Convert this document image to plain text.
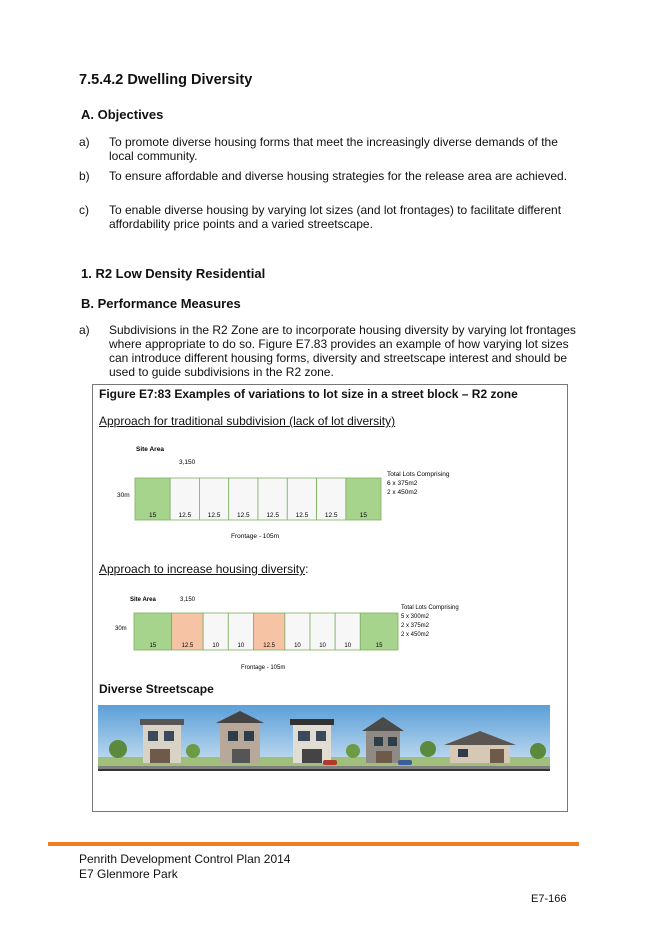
7.5.4.2 Dwelling Diversity
A. Objectives
a) To promote diverse housing forms that meet the increasingly diverse demands of the local community.
b) To ensure affordable and diverse housing strategies for the release area are achieved.
c) To enable diverse housing by varying lot sizes (and lot frontages) to facilitate different affordability price points and a varied streetscape.
1. R2 Low Density Residential
B. Performance Measures
a) Subdivisions in the R2 Zone are to incorporate housing diversity by varying lot frontages where appropriate to do so. Figure E7.83 provides an example of how varying lot sizes can introduce different housing forms, diversity and streetscape interest and should be used to guide subdivisions in the R2 zone.
Figure E7:83 Examples of variations to lot size in a street block – R2 zone
Approach for traditional subdivision (lack of lot diversity)
Site Area
3,150
30m
15	12.5	12.5	12.5	12.5	12.5	12.5	15
Frontage - 105m
Total Lots Comprising
6 x 375m2
2 x 450m2
Approach to increase housing diversity:
Site Area	3,150
30m
15	12.5	10	10	12.5	10	10	10	15
Frontage - 105m
Total Lots Comprising
5 x 300m2
2 x 375m2
2 x 450m2
Diverse Streetscape
Penrith Development Control Plan 2014
E7 Glenmore Park
E7-166
